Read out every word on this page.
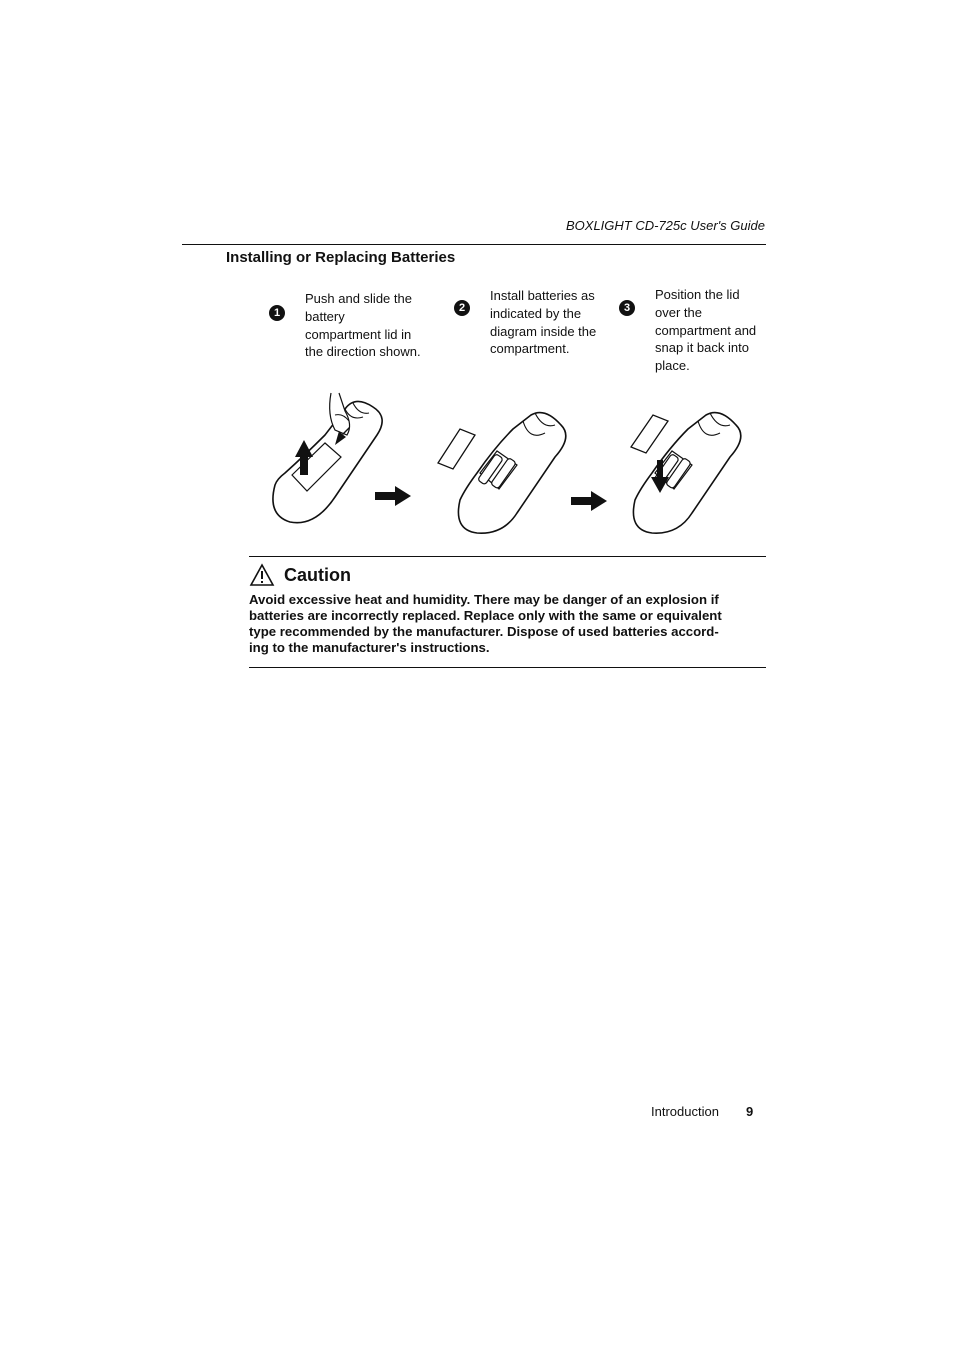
BOXLIGHT CD-725c User's Guide
Installing or Replacing Batteries
1
Push and slide the
battery
compartment lid in
the direction shown.
2
Install batteries as
indicated by the
diagram inside the
compartment.
3
Position the lid
over the
compartment and
snap it back into
place.
Caution
Avoid excessive heat and humidity. There may be danger of an explosion if
batteries are incorrectly replaced. Replace only with the same or equivalent
type recommended by the manufacturer. Dispose of used batteries accord-
ing to the manufacturer's instructions.
Introduction 9
